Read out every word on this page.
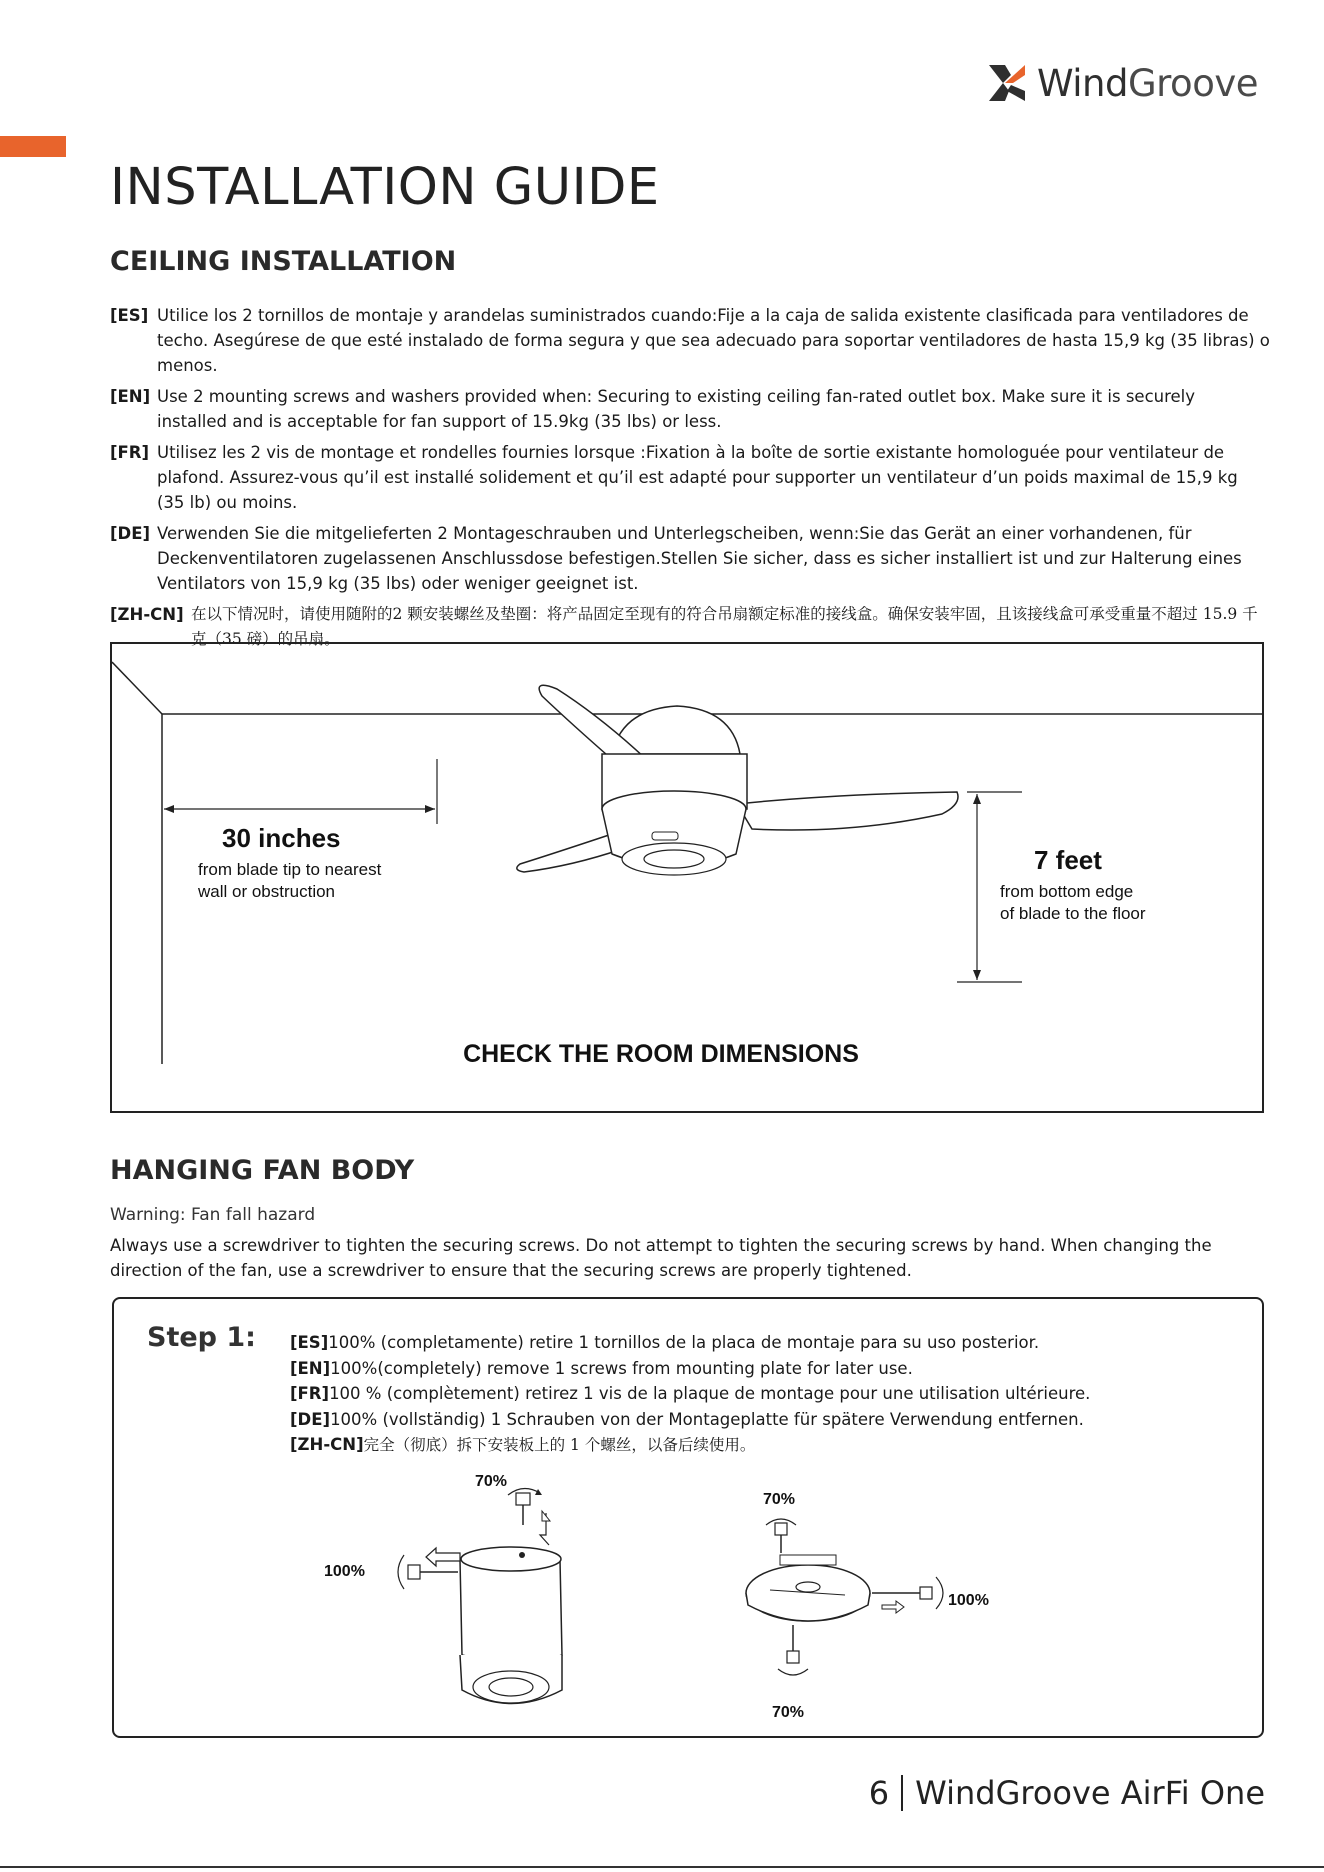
WindGroove
INSTALLATION GUIDE
CEILING INSTALLATION
[ES] Utilice los 2 tornillos de montaje y arandelas suministrados cuando:Fije a la caja de salida existente clasificada para ventiladores de techo. Asegúrese de que esté instalado de forma segura y que sea adecuado para soportar ventiladores de hasta 15,9 kg (35 libras) o menos.
[EN] Use 2 mounting screws and washers provided when: Securing to existing ceiling fan-rated outlet box. Make sure it is securely installed and is acceptable for fan support of 15.9kg (35 lbs) or less.
[FR] Utilisez les 2 vis de montage et rondelles fournies lorsque :Fixation à la boîte de sortie existante homologuée pour ventilateur de plafond. Assurez-vous qu’il est installé solidement et qu’il est adapté pour supporter un ventilateur d’un poids maximal de 15,9 kg (35 lb) ou moins.
[DE] Verwenden Sie die mitgelieferten 2 Montageschrauben und Unterlegscheiben, wenn:Sie das Gerät an einer vorhandenen, für Deckenventilatoren zugelassenen Anschlussdose befestigen.Stellen Sie sicher, dass es sicher installiert ist und zur Halterung eines Ventilators von 15,9 kg (35 lbs) oder weniger geeignet ist.
[ZH-CN] 在以下情况时，请使用随附的2 颗安装螺丝及垫圈：将产品固定至现有的符合吊扇额定标准的接线盒。确保安装牢固，且该接线盒可承受重量不超过 15.9 千克（35 磅）的吊扇。
30 inches
from blade tip to nearest
wall or obstruction
7 feet
from bottom edge
of blade to the floor
CHECK THE ROOM DIMENSIONS
HANGING FAN BODY
Warning: Fan fall hazard
Always use a screwdriver to tighten the securing screws. Do not attempt to tighten the securing screws by hand. When changing the direction of the fan, use a screwdriver to ensure that the securing screws are properly tightened.
Step 1: [ES]100% (completamente) retire 1 tornillos de la placa de montaje para su uso posterior.
[EN]100%(completely) remove 1 screws from mounting plate for later use.
[FR]100 % (complètement) retirez 1 vis de la plaque de montage pour une utilisation ultérieure.
[DE]100% (vollständig) 1 Schrauben von der Montageplatte für spätere Verwendung entfernen.
[ZH-CN]完全（彻底）拆下安装板上的 1 个螺丝，以备后续使用。
70%
100%
70%
100%
70%
6 WindGroove AirFi One
